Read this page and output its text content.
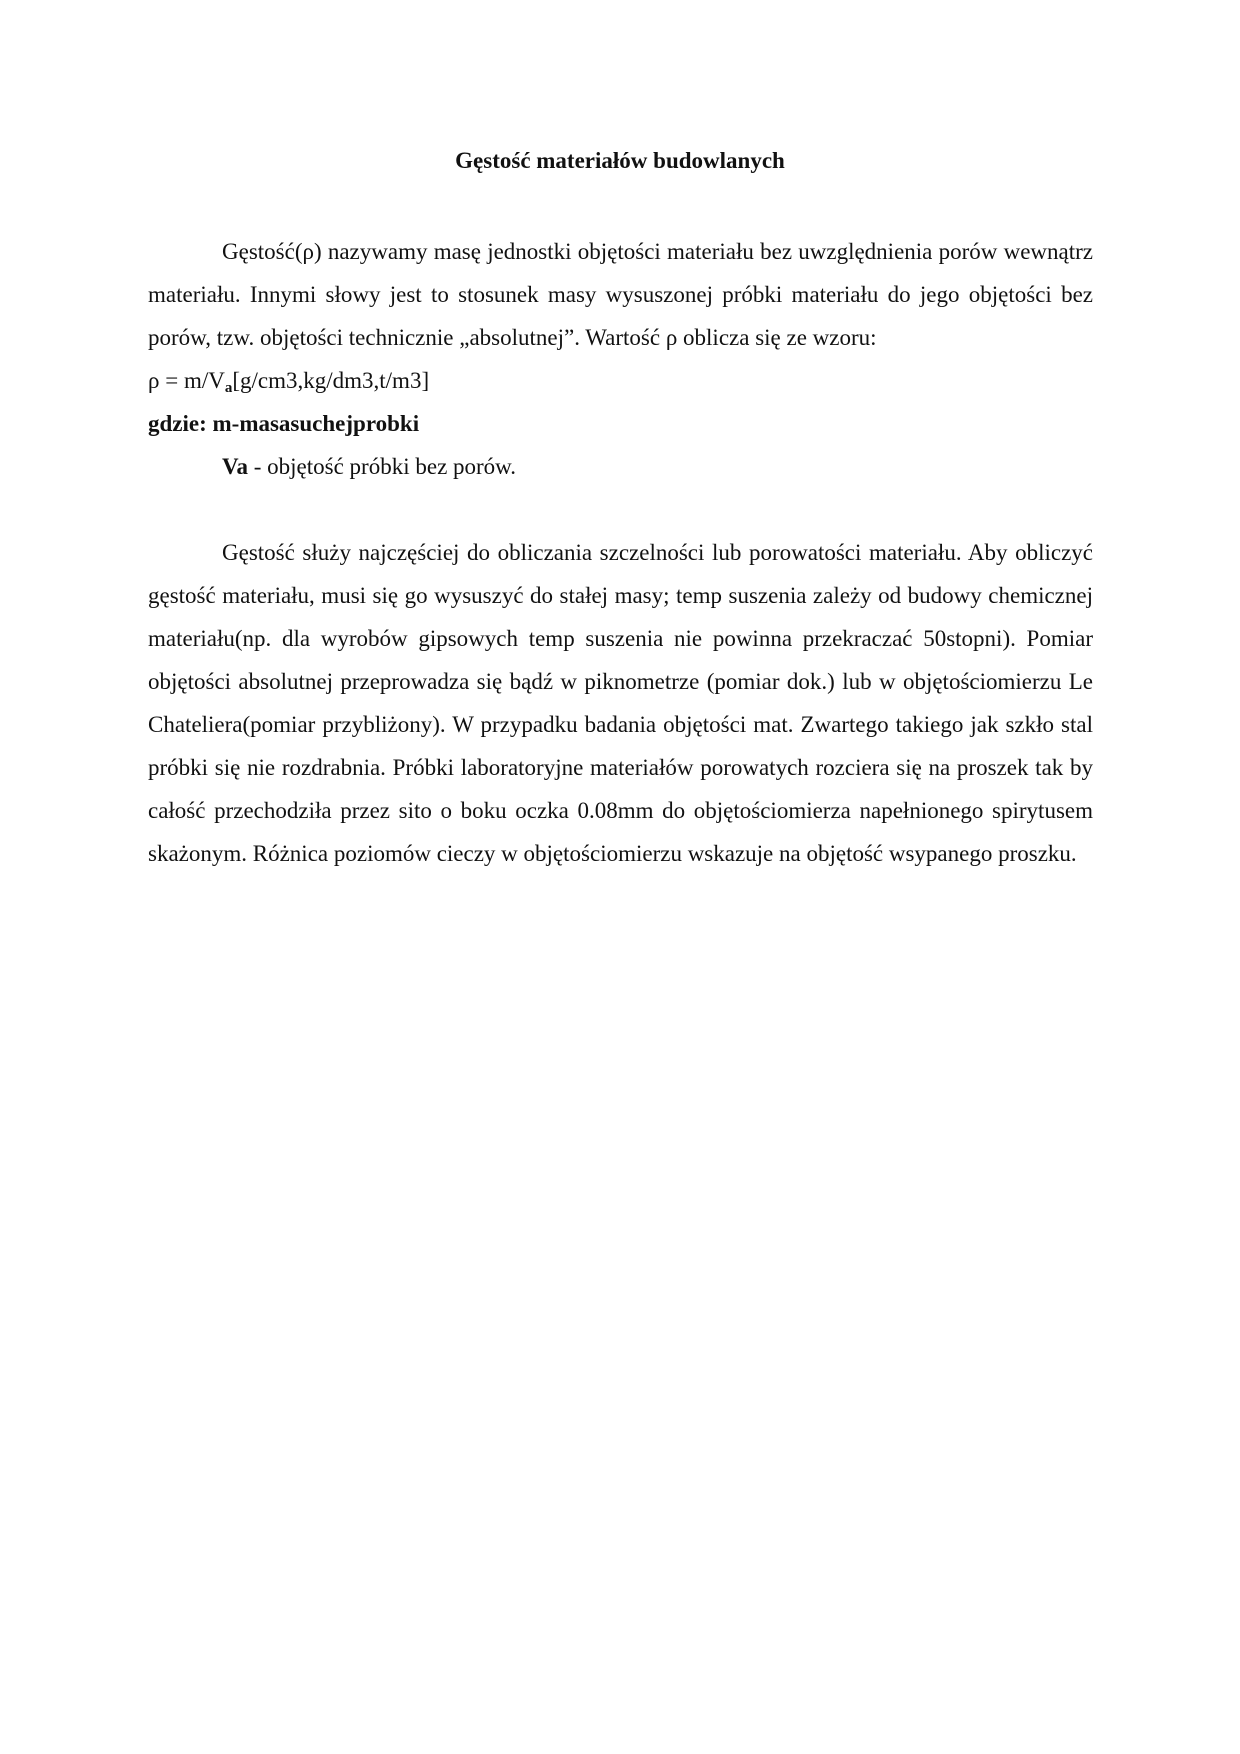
Gęstość materiałów budowlanych

Gęstość(ρ) nazywamy masę jednostki objętości materiału bez uwzględnienia porów wewnątrz materiału. Innymi słowy jest to stosunek masy wysuszonej próbki materiału do jego objętości bez porów, tzw. objętości technicznie „absolutnej”. Wartość ρ oblicza się ze wzoru:

$\rho = m/V_a[g/cm3,kg/dm3,t/m3]$

gdzie: m-masasuchejprobki

Va - objętość próbki bez porów.

Gęstość służy najczęściej do obliczania szczelności lub porowatości materiału. Aby obliczyć gęstość materiału, musi się go wysuszyć do stałej masy; temp suszenia zależy od budowy chemicznej materiału(np. dla wyrobów gipsowych temp suszenia nie powinna przekraczać 50stopni). Pomiar objętości absolutnej przeprowadza się bądź w piknometrze (pomiar dok.) lub w objętościomierzu Le Chateliera(pomiar przybliżony). W przypadku badania objętości mat. Zwartego takiego jak szkło stal próbki się nie rozdrabnia. Próbki laboratoryjne materiałów porowatych rozciera się na proszek tak by całość przechodziła przez sito o boku oczka 0.08mm do objętościomierza napełnionego spirytusem skażonym. Różnica poziomów cieczy w objętościomierzu wskazuje na objętość wsypanego proszku.
